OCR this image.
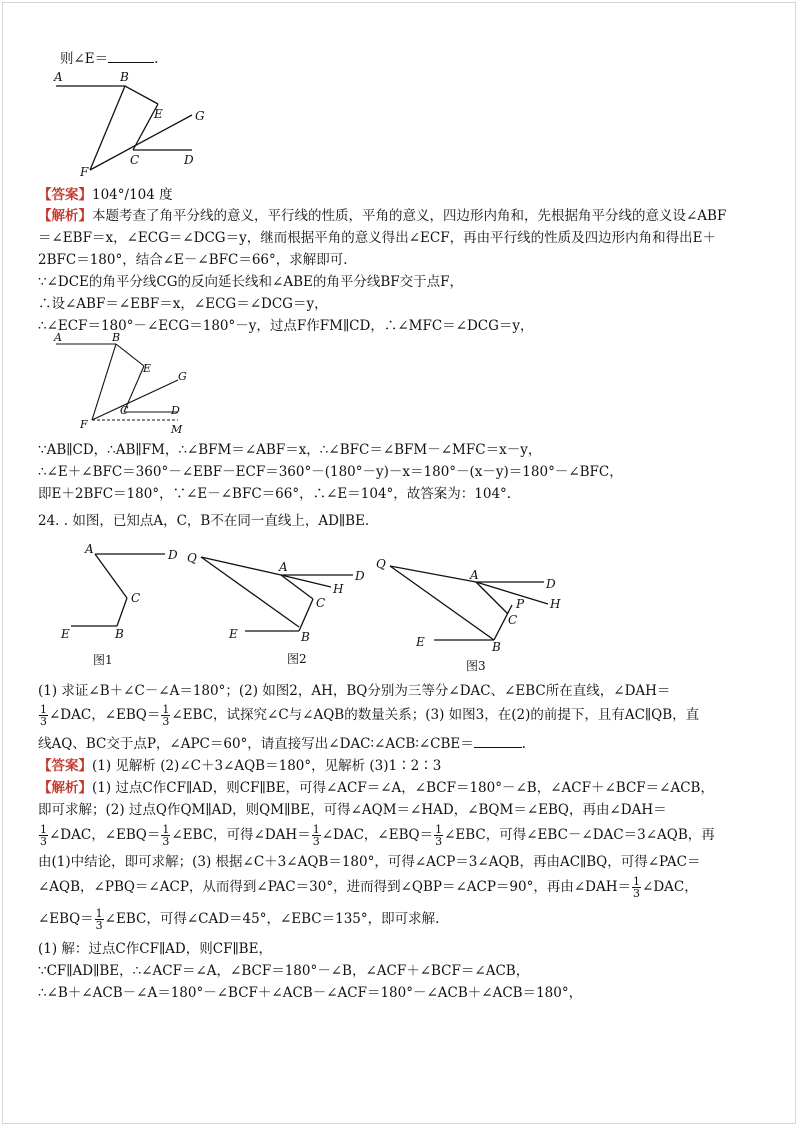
则∠E＝	.
A	B
E	G
F
C	D
【答案】104°/104 度
【解析】本题考查了角平分线的意义，平行线的性质，平角的意义，四边形内角和，先根据角平分线的意义设∠ABF
＝∠EBF＝x，∠ECG＝∠DCG＝y，继而根据平角的意义得出∠ECF，再由平行线的性质及四边形内角和得出E＋
2BFC＝180°，结合∠E－∠BFC＝66°，求解即可.
∵∠DCE的角平分线CG的反向延长线和∠ABE的角平分线BF交于点F，
∴设∠ABF＝∠EBF＝x，∠ECG＝∠DCG＝y，
∴∠ECF＝180°－∠ECG＝180°－y，过点F作FM∥CD，∴∠MFC＝∠DCG＝y，
A	B
E
G
F
C	D
M
∵AB∥CD，∴AB∥FM，∴∠BFM＝∠ABF＝x，∴∠BFC＝∠BFM－∠MFC＝x－y，
∴∠E＋∠BFC＝360°－∠EBF－ECF＝360°－(180°－y)－x＝180°－(x－y)＝180°－∠BFC，
即E＋2BFC＝180°，∵∠E－∠BFC＝66°，∴∠E＝104°，故答案为：104°.
24. . 如图，已知点A，C，B不在同一直线上，AD∥BE.
A	D
C
E	B
图1
Q
A
D
H
C
E	B
图2
Q
A
D
P H
C
E	B
图3
(1) 求证∠B＋∠C－∠A＝180°；(2) 如图2，AH，BQ分别为三等分∠DAC、∠EBC所在直线，∠DAH＝
$\frac{1}{3}$ ∠DAC，∠EBQ＝ $\frac{1}{3}$ ∠EBC，试探究∠C与∠AQB的数量关系；(3) 如图3，在(2)的前提下，且有AC∥QB，直
线AQ、BC交于点P，∠APC＝60°，请直接写出∠DAC∶∠ACB∶∠CBE＝	.
【答案】(1) 见解析 (2)∠C＋3∠AQB＝180°，见解析 (3)1∶2∶3
【解析】(1) 过点C作CF∥AD，则CF∥BE，可得∠ACF＝∠A，∠BCF＝180°－∠B，∠ACF＋∠BCF＝∠ACB，
即可求解；(2) 过点Q作QM∥AD，则QM∥BE，可得∠AQM＝∠HAD，∠BQM＝∠EBQ，再由∠DAH＝
$\frac{1}{3}$ ∠DAC，∠EBQ＝ $\frac{1}{3}$ ∠EBC，可得∠DAH＝ $\frac{1}{3}$ ∠DAC，∠EBQ＝ $\frac{1}{3}$ ∠EBC，可得∠EBC－∠DAC＝3∠AQB，再
由(1)中结论，即可求解；(3) 根据∠C＋3∠AQB＝180°，可得∠ACP＝3∠AQB，再由AC∥BQ，可得∠PAC＝
∠AQB，∠PBQ＝∠ACP，从而得到∠PAC＝30°，进而得到∠QBP＝∠ACP＝90°，再由∠DAH＝ $\frac{1}{3}$ ∠DAC，
∠EBQ＝ $\frac{1}{3}$ ∠EBC，可得∠CAD＝45°，∠EBC＝135°，即可求解.
(1) 解：过点C作CF∥AD，则CF∥BE，
∵CF∥AD∥BE，∴∠ACF＝∠A，∠BCF＝180°－∠B，∠ACF＋∠BCF＝∠ACB，
∴∠B＋∠ACB－∠A＝180°－∠BCF＋∠ACB－∠ACF＝180°－∠ACB＋∠ACB＝180°，
